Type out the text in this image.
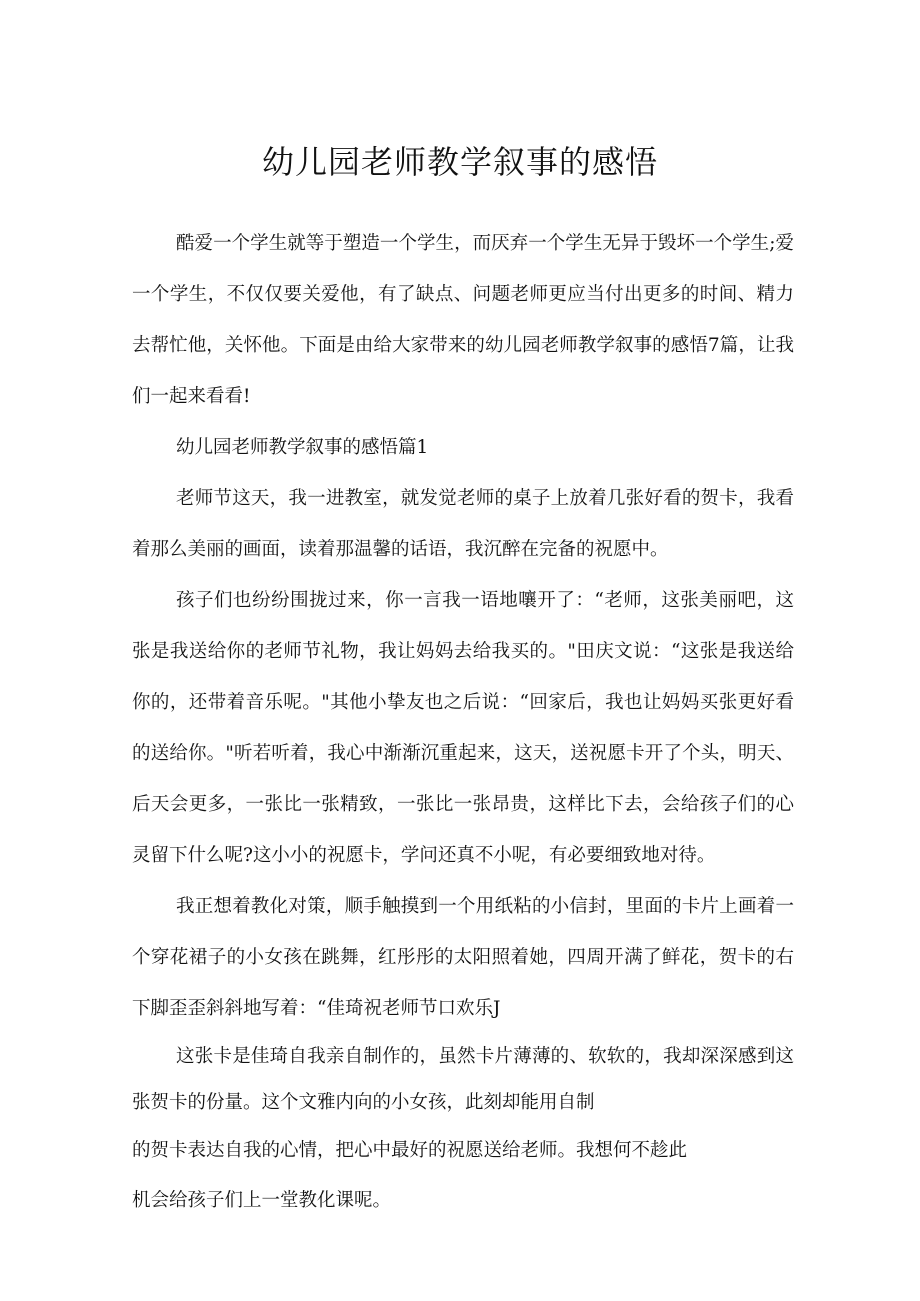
幼儿园老师教学叙事的感悟

酷爱一个学生就等于塑造一个学生，而厌弃一个学生无异于毁坏一个学生;爱一个学生，不仅仅要关爱他，有了缺点、问题老师更应当付出更多的时间、精力去帮忙他，关怀他。下面是由给大家带来的幼儿园老师教学叙事的感悟7篇，让我们一起来看看!

幼儿园老师教学叙事的感悟篇1

老师节这天，我一进教室，就发觉老师的桌子上放着几张好看的贺卡，我看着那么美丽的画面，读着那温馨的话语，我沉醉在完备的祝愿中。

孩子们也纷纷围拢过来，你一言我一语地嚷开了：“老师，这张美丽吧，这张是我送给你的老师节礼物，我让妈妈去给我买的。"田庆文说：“这张是我送给你的，还带着音乐呢。"其他小挚友也之后说：“回家后，我也让妈妈买张更好看的送给你。"听若听着，我心中渐渐沉重起来，这天，送祝愿卡开了个头，明天、后天会更多，一张比一张精致，一张比一张昂贵，这样比下去，会给孩子们的心灵留下什么呢?这小小的祝愿卡，学问还真不小呢，有必要细致地对待。

我正想着教化对策，顺手触摸到一个用纸粘的小信封，里面的卡片上画着一个穿花裙子的小女孩在跳舞，红彤彤的太阳照着她，四周开满了鲜花，贺卡的右下脚歪歪斜斜地写着：“佳琦祝老师节口欢乐J

这张卡是佳琦自我亲自制作的，虽然卡片薄薄的、软软的，我却深深感到这张贺卡的份量。这个文雅内向的小女孩，此刻却能用自制

的贺卡表达自我的心情，把心中最好的祝愿送给老师。我想何不趁此

机会给孩子们上一堂教化课呢。
